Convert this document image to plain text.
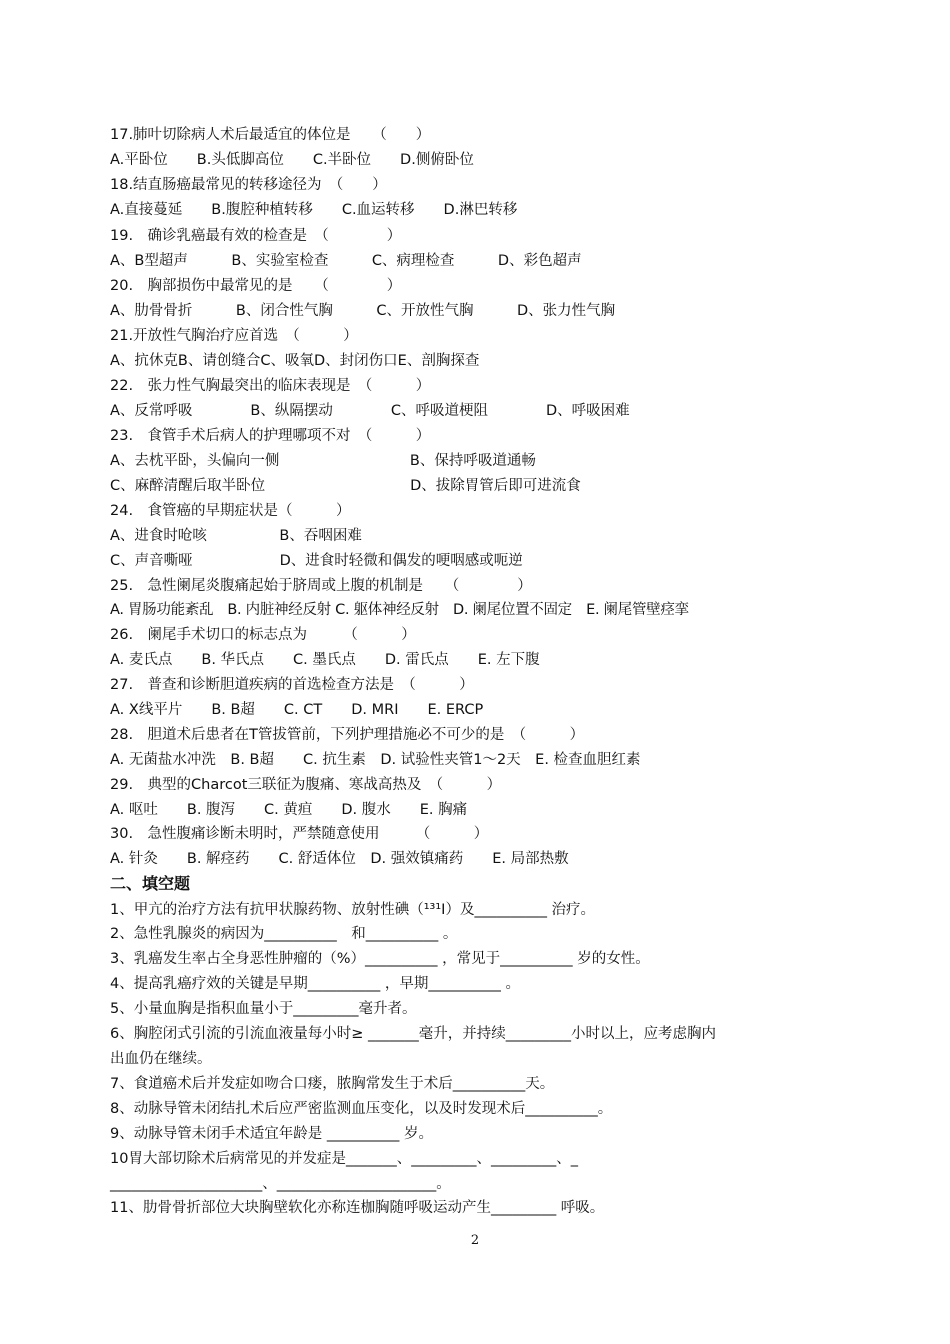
17.肺叶切除病人术后最适宜的体位是　　（　　）
A.平卧位　　B.头低脚高位　　C.半卧位　　D.侧俯卧位
18.结直肠癌最常见的转移途径为　（　　）
A.直接蔓延　　B.腹腔种植转移　　C.血运转移　　D.淋巴转移
19.　确诊乳癌最有效的检查是　（　　　　）
A、B型超声　　　B、实验室检查　　　C、病理检查　　　D、彩色超声
20.　胸部损伤中最常见的是　　（　　　　）
A、肋骨骨折　　　B、闭合性气胸　　　C、开放性气胸　　　D、张力性气胸
21.开放性气胸治疗应首选　（　　　）
A、抗休克B、请创缝合C、吸氧D、封闭伤口E、剖胸探查
22.　张力性气胸最突出的临床表现是　（　　　）
A、反常呼吸　　　　B、纵隔摆动　　　　C、呼吸道梗阻　　　　D、呼吸困难
23.　食管手术后病人的护理哪项不对　（　　　）
A、去枕平卧，头偏向一侧　　　　　　　　　B、保持呼吸道通畅
C、麻醉清醒后取半卧位　　　　　　　　　　D、拔除胃管后即可进流食
24.　食管癌的早期症状是（　　　）
A、进食时呛咳　　　　　B、吞咽困难
C、声音嘶哑　　　　　　D、进食时轻微和偶发的哽咽感或呃逆
25.　急性阑尾炎腹痛起始于脐周或上腹的机制是　　（　　　　）
A. 胃肠功能紊乱　B. 内脏神经反射 C. 躯体神经反射　D. 阑尾位置不固定　E. 阑尾管壁痉挛
26.　阑尾手术切口的标志点为　　　（　　　）
A. 麦氏点　　B. 华氏点　　C. 墨氏点　　D. 雷氏点　　E. 左下腹
27.　普查和诊断胆道疾病的首选检查方法是　（　　　）
A. X线平片　　B. B超　　C. CT　　D. MRI　　E. ERCP
28.　胆道术后患者在T管拔管前，下列护理措施必不可少的是　（　　　）
A. 无菌盐水冲洗　B. B超　　C. 抗生素　D. 试验性夹管1～2天　E. 检查血胆红素
29.　典型的Charcot三联征为腹痛、寒战高热及　（　　　）
A. 呕吐　　B. 腹泻　　C. 黄疸　　D. 腹水　　E. 胸痛
30.　急性腹痛诊断未明时，严禁随意使用　　　（　　　）
A. 针灸　　B. 解痉药　　C. 舒适体位　D. 强效镇痛药　　E. 局部热敷
二、填空题
1、甲亢的治疗方法有抗甲状腺药物、放射性碘（¹³¹I）及__________ 治疗。
2、急性乳腺炎的病因为__________　和__________ 。
3、乳癌发生率占全身恶性肿瘤的（%）__________ ，常见于__________ 岁的女性。
4、提高乳癌疗效的关键是早期__________ ，早期__________ 。
5、小量血胸是指积血量小于_________毫升者。
6、胸腔闭式引流的引流血液量每小时≥ _______毫升，并持续_________小时以上，应考虑胸内
出血仍在继续。
7、食道癌术后并发症如吻合口瘘，脓胸常发生于术后__________天。
8、动脉导管未闭结扎术后应严密监测血压变化，以及时发现术后__________。
9、动脉导管未闭手术适宜年龄是 __________ 岁。
10胃大部切除术后病常见的并发症是_______、_________、_________、_
_____________________、______________________。
11、肋骨骨折部位大块胸壁软化亦称连枷胸随呼吸运动产生_________ 呼吸。
2
